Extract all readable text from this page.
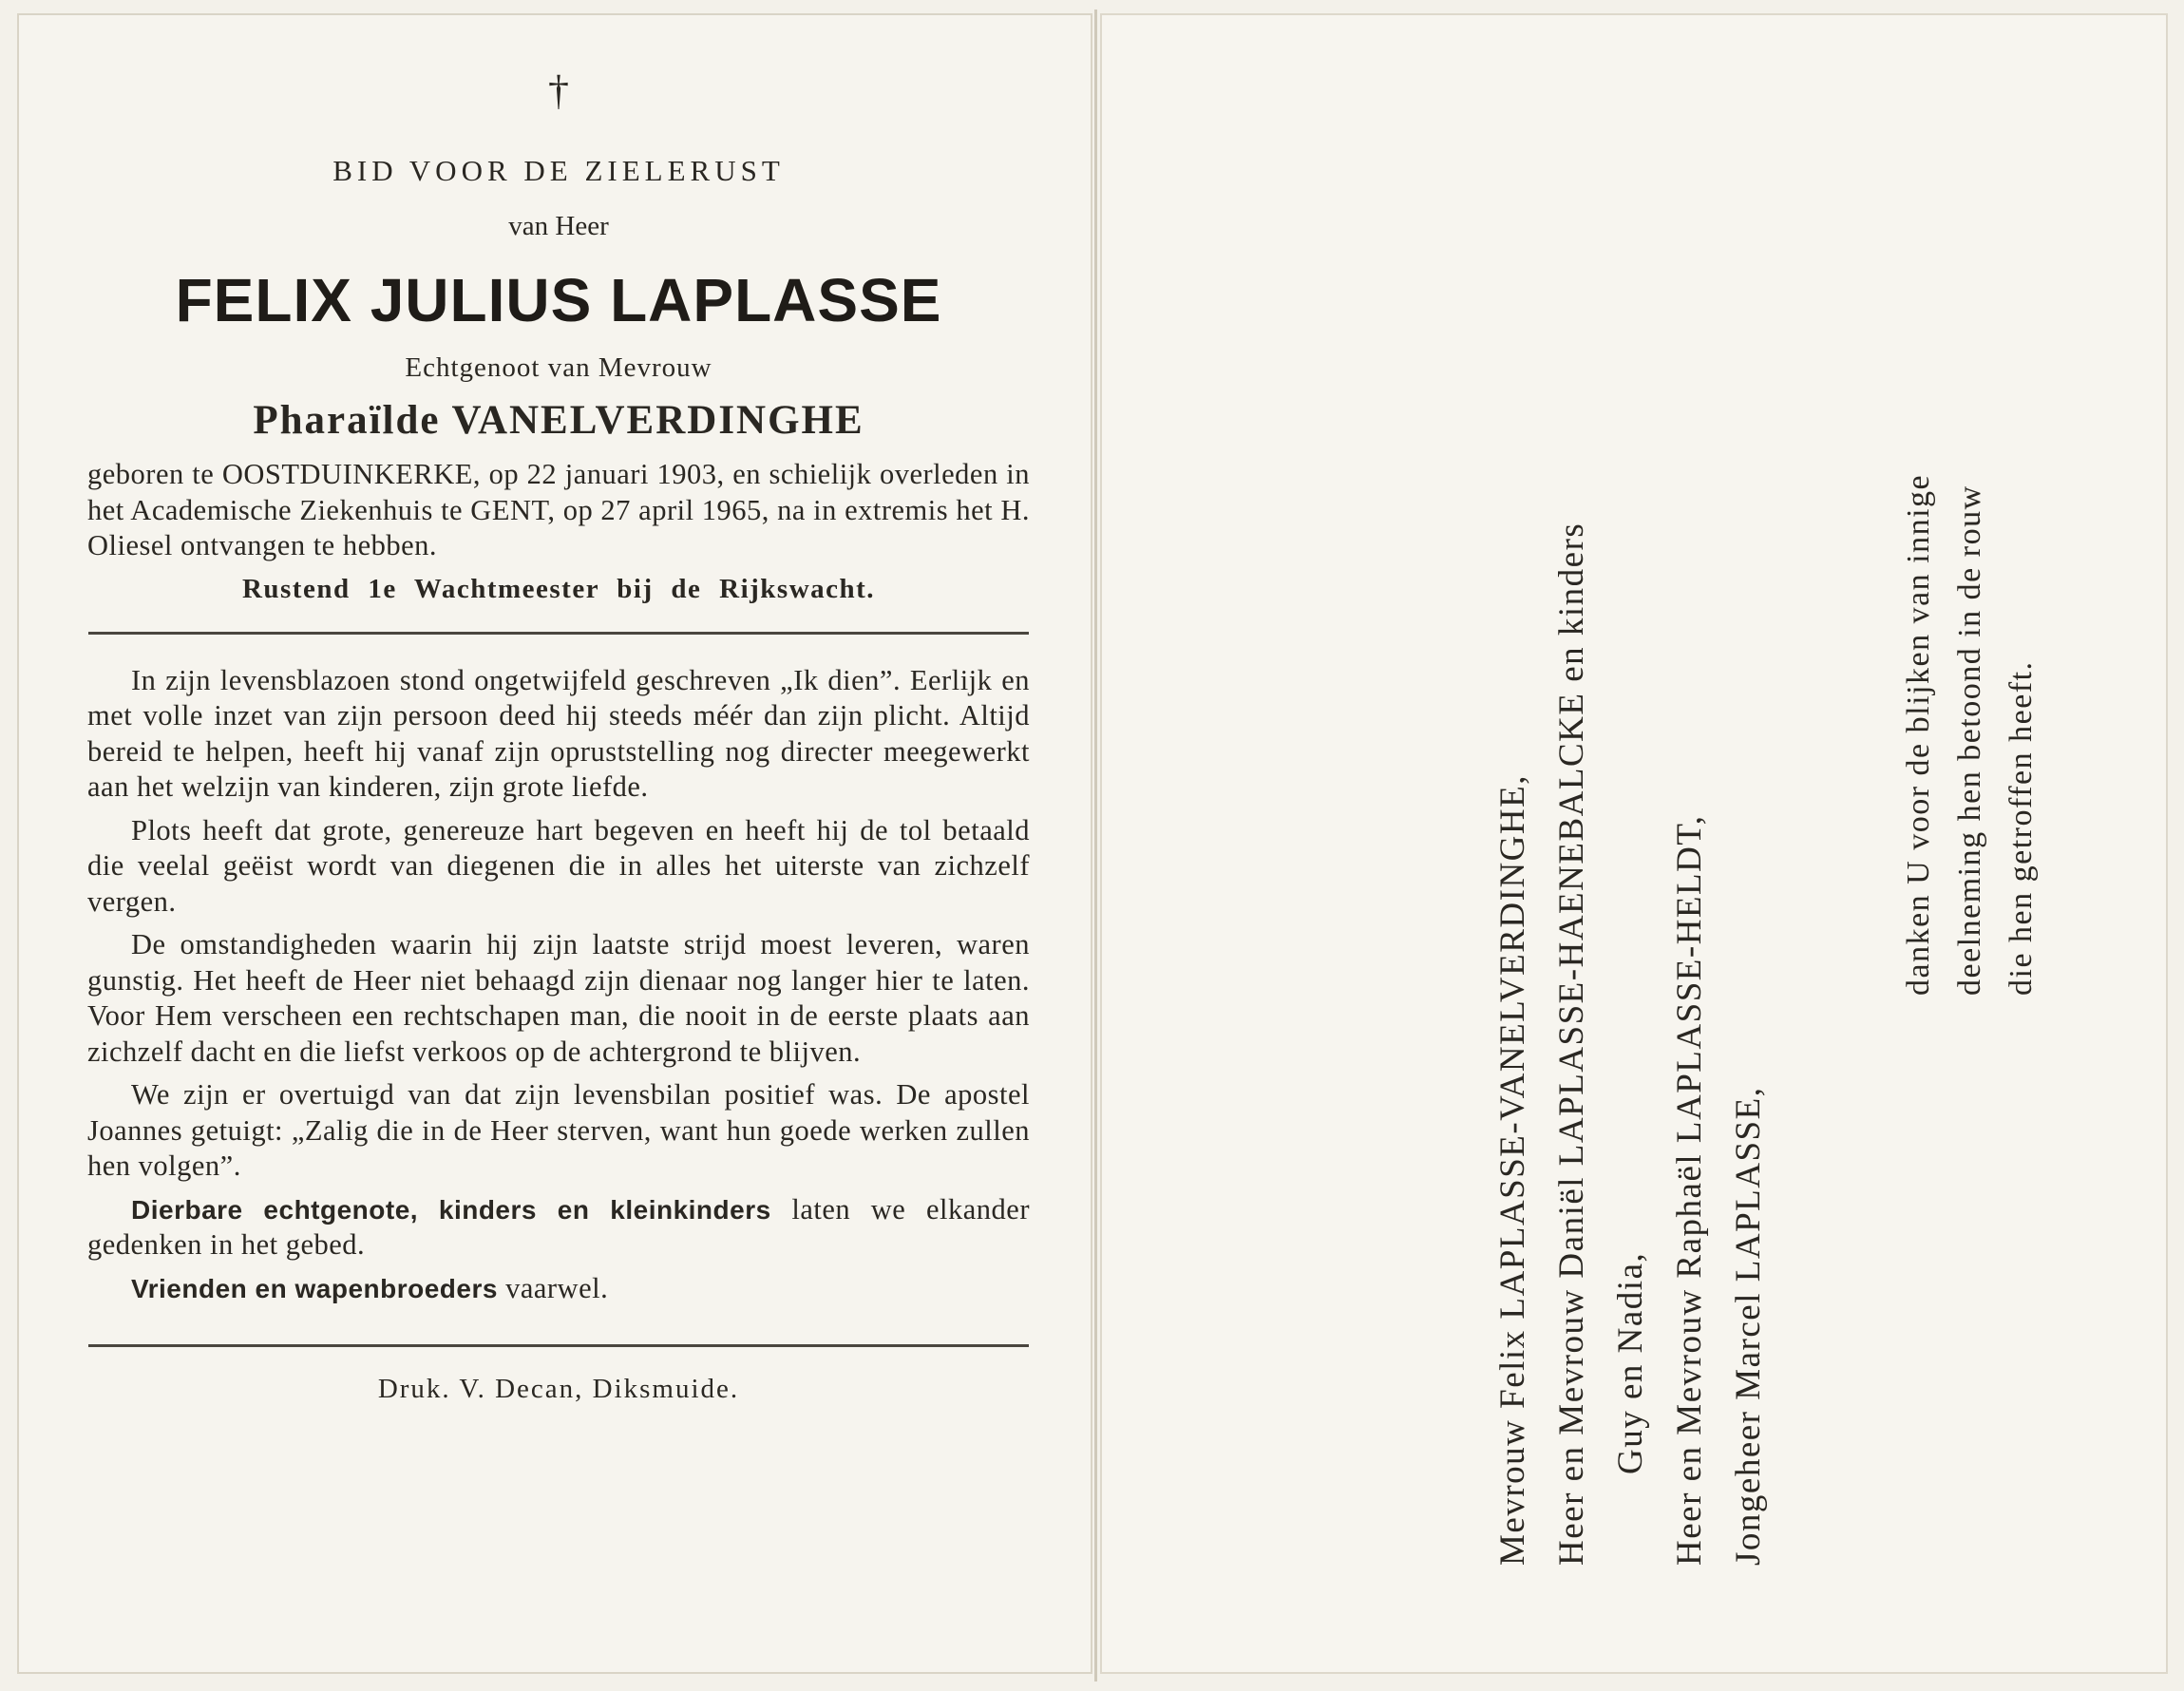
†
BID VOOR DE ZIELERUST
van Heer
FELIX JULIUS LAPLASSE
Echtgenoot van Mevrouw
Pharaïlde VANELVERDINGHE
geboren te OOSTDUINKERKE, op 22 januari 1903, en schielijk overleden in het Academische Ziekenhuis te GENT, op 27 april 1965, na in extremis het H. Oliesel ontvangen te hebben.
Rustend 1e Wachtmeester bij de Rijkswacht.
In zijn levensblazoen stond ongetwijfeld geschreven „Ik dien”. Eerlijk en met volle inzet van zijn persoon deed hij steeds méér dan zijn plicht. Altijd bereid te helpen, heeft hij vanaf zijn opruststelling nog directer meegewerkt aan het welzijn van kinderen, zijn grote liefde.
Plots heeft dat grote, genereuze hart begeven en heeft hij de tol betaald die veelal geëist wordt van diegenen die in alles het uiterste van zichzelf vergen.
De omstandigheden waarin hij zijn laatste strijd moest leveren, waren gunstig. Het heeft de Heer niet behaagd zijn dienaar nog langer hier te laten. Voor Hem verscheen een rechtschapen man, die nooit in de eerste plaats aan zichzelf dacht en die liefst verkoos op de achtergrond te blijven.
We zijn er overtuigd van dat zijn levensbilan positief was. De apostel Joannes getuigt: „Zalig die in de Heer sterven, want hun goede werken zullen hen volgen”.
Dierbare echtgenote, kinders en kleinkinders laten we elkander gedenken in het gebed.
Vrienden en wapenbroeders vaarwel.
Druk. V. Decan, Diksmuide.	Mevrouw Felix LAPLASSE-VANELVERDINGHE, Heer en Mevrouw Daniël LAPLASSE-HAENEBALCKE en kinders Guy en Nadia, Heer en Mevrouw Raphaël LAPLASSE-HELDT, Jongeheer Marcel LAPLASSE,
danken U voor de blijken van innige deelneming hen betoond in de rouw die hen getroffen heeft.
